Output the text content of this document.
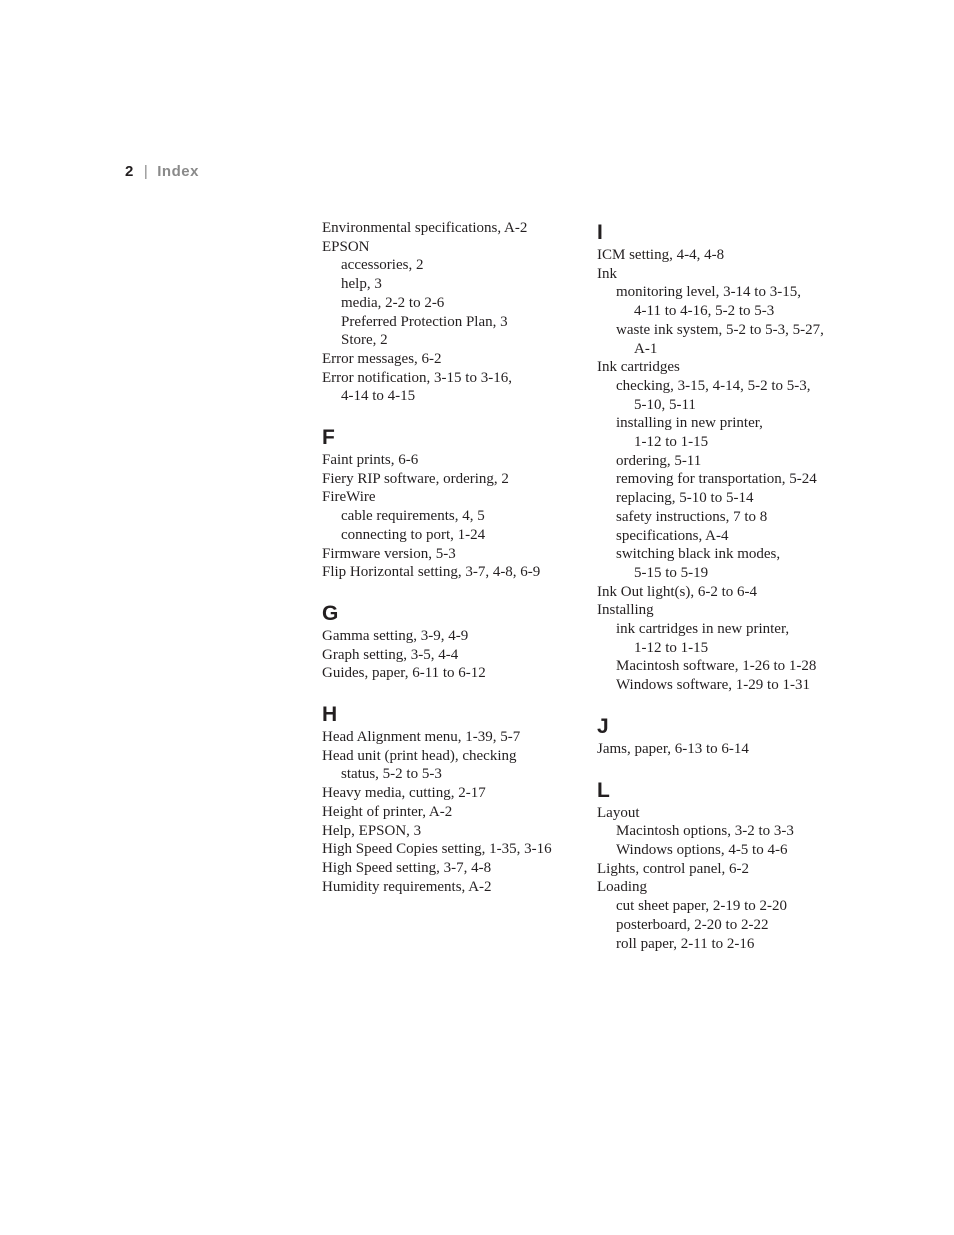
2 | Index
Environmental specifications, A-2
EPSON
accessories, 2
help, 3
media, 2-2 to 2-6
Preferred Protection Plan, 3
Store, 2
Error messages, 6-2
Error notification, 3-15 to 3-16,
4-14 to 4-15
F
Faint prints, 6-6
Fiery RIP software, ordering, 2
FireWire
cable requirements, 4, 5
connecting to port, 1-24
Firmware version, 5-3
Flip Horizontal setting, 3-7, 4-8, 6-9
G
Gamma setting, 3-9, 4-9
Graph setting, 3-5, 4-4
Guides, paper, 6-11 to 6-12
H
Head Alignment menu, 1-39, 5-7
Head unit (print head), checking
status, 5-2 to 5-3
Heavy media, cutting, 2-17
Height of printer, A-2
Help, EPSON, 3
High Speed Copies setting, 1-35, 3-16
High Speed setting, 3-7, 4-8
Humidity requirements, A-2
I
ICM setting, 4-4, 4-8
Ink
monitoring level, 3-14 to 3-15,
4-11 to 4-16, 5-2 to 5-3
waste ink system, 5-2 to 5-3, 5-27,
A-1
Ink cartridges
checking, 3-15, 4-14, 5-2 to 5-3,
5-10, 5-11
installing in new printer,
1-12 to 1-15
ordering, 5-11
removing for transportation, 5-24
replacing, 5-10 to 5-14
safety instructions, 7 to 8
specifications, A-4
switching black ink modes,
5-15 to 5-19
Ink Out light(s), 6-2 to 6-4
Installing
ink cartridges in new printer,
1-12 to 1-15
Macintosh software, 1-26 to 1-28
Windows software, 1-29 to 1-31
J
Jams, paper, 6-13 to 6-14
L
Layout
Macintosh options, 3-2 to 3-3
Windows options, 4-5 to 4-6
Lights, control panel, 6-2
Loading
cut sheet paper, 2-19 to 2-20
posterboard, 2-20 to 2-22
roll paper, 2-11 to 2-16
